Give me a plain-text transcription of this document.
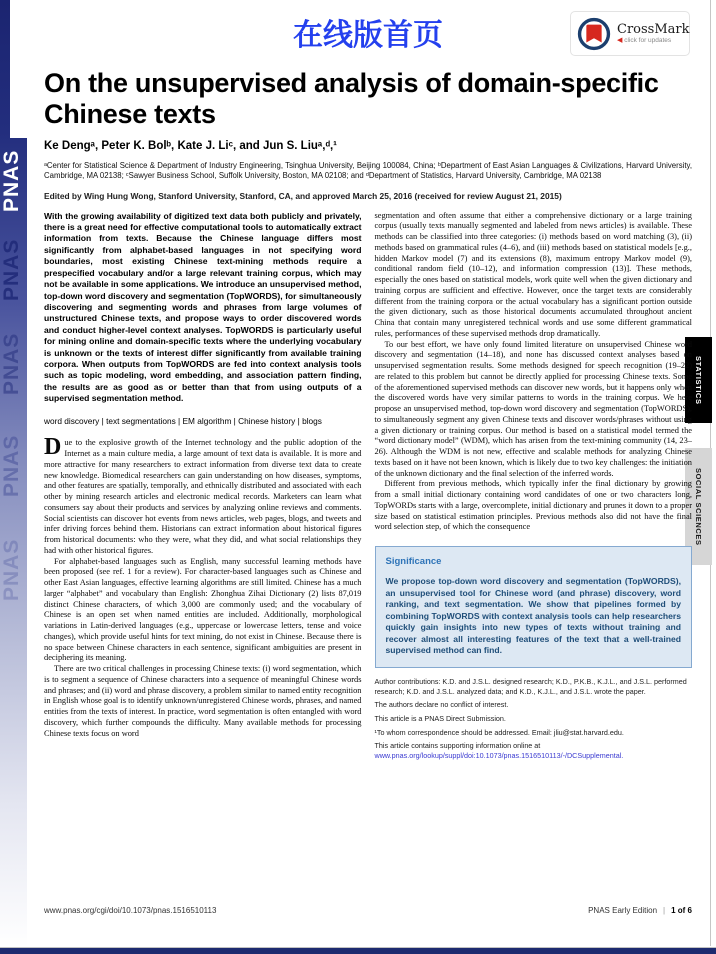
PNAS
PNAS
PNAS
PNAS
PNAS
STATISTICS
SOCIAL SCIENCES
在线版首页	CrossMark
◀ click for updates
On the unsupervised analysis of domain-specific Chinese texts
Ke Dengᵃ, Peter K. Bolᵇ, Kate J. Liᶜ, and Jun S. Liuᵃ,ᵈ,¹
ᵃCenter for Statistical Science & Department of Industry Engineering, Tsinghua University, Beijing 100084, China; ᵇDepartment of East Asian Languages & Civilizations, Harvard University, Cambridge, MA 02138; ᶜSawyer Business School, Suffolk University, Boston, MA 02108; and ᵈDepartment of Statistics, Harvard University, Cambridge, MA 02138
Edited by Wing Hung Wong, Stanford University, Stanford, CA, and approved March 25, 2016 (received for review August 21, 2015)

With the growing availability of digitized text data both publicly and privately, there is a great need for effective computational tools to automatically extract information from texts. Because the Chinese language differs most significantly from alphabet-based languages in not specifying word boundaries, most existing Chinese text-mining methods require a prespecified vocabulary and/or a large relevant training corpus, which may not be available in some applications. We introduce an unsupervised method, top-down word discovery and segmentation (TopWORDS), for simultaneously discovering and segmenting words and phrases from large volumes of unstructured Chinese texts, and propose ways to order discovered words and conduct higher-level context analyses. TopWORDS is particularly useful for mining online and domain-specific texts where the underlying vocabulary is unknown or the texts of interest differ significantly from available training corpora. When outputs from TopWORDS are fed into context analysis tools such as topic modeling, word embedding, and association pattern finding, the results are as good as or better than that from using outputs of a supervised segmentation method.

word discovery | text segmentations | EM algorithm | Chinese history | blogs

Due to the explosive growth of the Internet technology and the public adoption of the Internet as a main culture media, a large amount of text data is available. It is more and more attractive for many researchers to extract information from diverse text data to create new knowledge. Biomedical researchers can gain understanding on how diseases, symptoms, and other features are spatially, temporally, and ethnically distributed and associated with each other by mining research articles and electronic medical records. Marketers can learn what consumers say about their products and services by analyzing online reviews and comments. Social scientists can discover hot events from news articles, web pages, blogs, and tweets and infer driving forces behind them. Historians can extract information about historical figures from historical documents: who they were, what they did, and what social relationships they had with other historical figures.

For alphabet-based languages such as English, many successful learning methods have been proposed (see ref. 1 for a review). For character-based languages such as Chinese and other East Asian languages, effective learning algorithms are still limited. Chinese has a much larger “alphabet” and vocabulary than English: Zhonghua Zihai Dictionary (2) lists 87,019 distinct Chinese characters, of which 3,000 are commonly used; and the vocabulary of Chinese is an open set when named entities are included. Additionally, morphological variations in Latin-derived languages (e.g., uppercase or lowercase letters, tense and voice changes), which provide useful hints for text mining, do not exist in Chinese. Because there is no space between Chinese characters in each sentence, significant ambiguities are present in deciphering its meaning.

There are two critical challenges in processing Chinese texts: (i) word segmentation, which is to segment a sequence of Chinese characters into a sequence of meaningful Chinese words and phrases; and (ii) word and phrase discovery, a problem similar to named entity recognition in English whose goal is to identify unknown/unregistered Chinese words, phrases, and named entities from the texts of interest. In practice, word segmentation is often entangled with word discovery, which further compounds the difficulty. Many available methods for processing Chinese texts focus on word

segmentation and often assume that either a comprehensive dictionary or a large training corpus (usually texts manually segmented and labeled from news articles) is available. These methods can be classified into three categories: (i) methods based on word matching (3), (ii) methods based on grammatical rules (4–6), and (iii) methods based on statistical models [e.g., hidden Markov model (7) and its extensions (8), maximum entropy Markov model (9), conditional random field (10–12), and information compression (13)]. These methods, especially the ones based on statistical models, work quite well when the given dictionary and training corpus are sufficient and effective. However, once the target texts are considerably different from the training corpora or the actual vocabulary has a significant portion outside the given dictionary, such as those historical documents accumulated throughout ancient China that contain many unregistered technical words and use some different grammatical rules, performances of these supervised methods drop dramatically.

To our best effort, we have only found limited literature on unsupervised Chinese word discovery and segmentation (14–18), and none has discussed context analyses based on unsupervised segmentation results. Some methods designed for speech recognition (19–22) are related to this problem but cannot be directly applied for processing Chinese texts. Some of the aforementioned supervised methods can discover new words, but it happens only when the discovered words have very similar patterns to words in the training corpus. We here propose an unsupervised method, top-down word discovery and segmentation (TopWORDS), to simultaneously segment any given Chinese texts and discover words/phrases without using a given dictionary or training corpus. Our method is based on a statistical model termed the “word dictionary model” (WDM), which has arisen from the text-mining community (14, 23–26). Although the WDM is not new, effective and scalable methods for analyzing Chinese texts based on it have not been known, which is likely due to two key challenges: the initiation of the unknown dictionary and the final selection of the inferred words.

Different from previous methods, which typically infer the final dictionary by growing from a small initial dictionary containing word candidates of one or two characters long, TopWORDs starts with a large, overcomplete, initial dictionary and prunes it down to a proper size based on statistical estimation principles. Previous methods also did not have the final word selection step, of which the consequence

Significance
We propose top-down word discovery and segmentation (TopWORDS), an unsupervised tool for Chinese word (and phrase) discovery, word ranking, and text segmentation. We show that pipelines formed by combining TopWORDS with context analysis tools can help researchers quickly gain insights into new types of texts without training and recover almost all interesting features of the text that a well-trained supervised method can find.
Author contributions: K.D. and J.S.L. designed research; K.D., P.K.B., K.J.L., and J.S.L. performed research; K.D. and J.S.L. analyzed data; and K.D., K.J.L., and J.S.L. wrote the paper.
The authors declare no conflict of interest.
This article is a PNAS Direct Submission.
¹To whom correspondence should be addressed. Email: jliu@stat.harvard.edu.
This article contains supporting information online at www.pnas.org/lookup/suppl/doi:10.1073/pnas.1516510113/-/DCSupplemental.
www.pnas.org/cgi/doi/10.1073/pnas.1516510113	PNAS Early Edition | 1 of 6
